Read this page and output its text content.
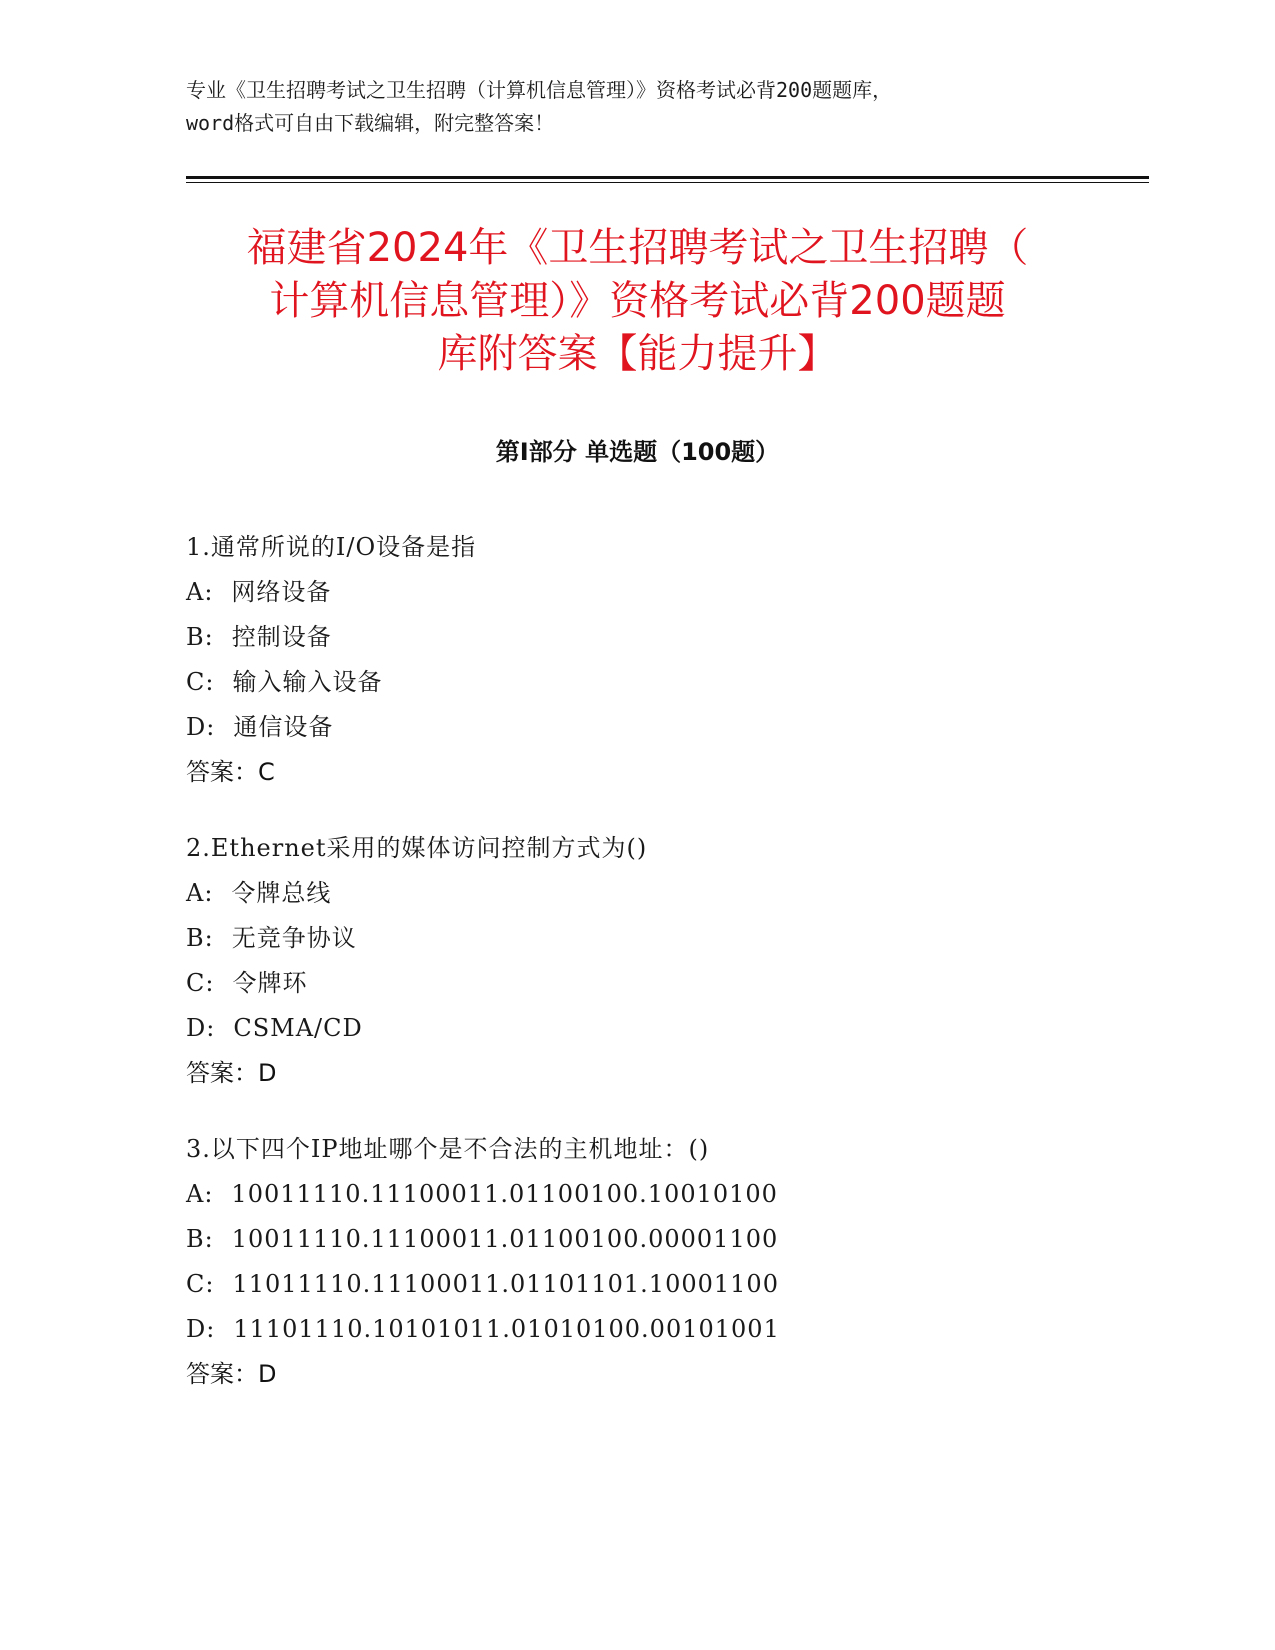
专业《卫生招聘考试之卫生招聘（计算机信息管理）》资格考试必背200题题库，
word格式可自由下载编辑，附完整答案！
福建省2024年《卫生招聘考试之卫生招聘（
计算机信息管理）》资格考试必背200题题
库附答案【能力提升】
第Ⅰ部分 单选题（100题）
1.通常所说的I/O设备是指
A: 网络设备
B: 控制设备
C: 输入输入设备
D: 通信设备
答案：C
2.Ethernet采用的媒体访问控制方式为()
A: 令牌总线
B: 无竞争协议
C: 令牌环
D: CSMA/CD
答案：D
3.以下四个IP地址哪个是不合法的主机地址：()
A: 10011110.11100011.01100100.10010100
B: 10011110.11100011.01100100.00001100
C: 11011110.11100011.01101101.10001100
D: 11101110.10101011.01010100.00101001
答案：D
